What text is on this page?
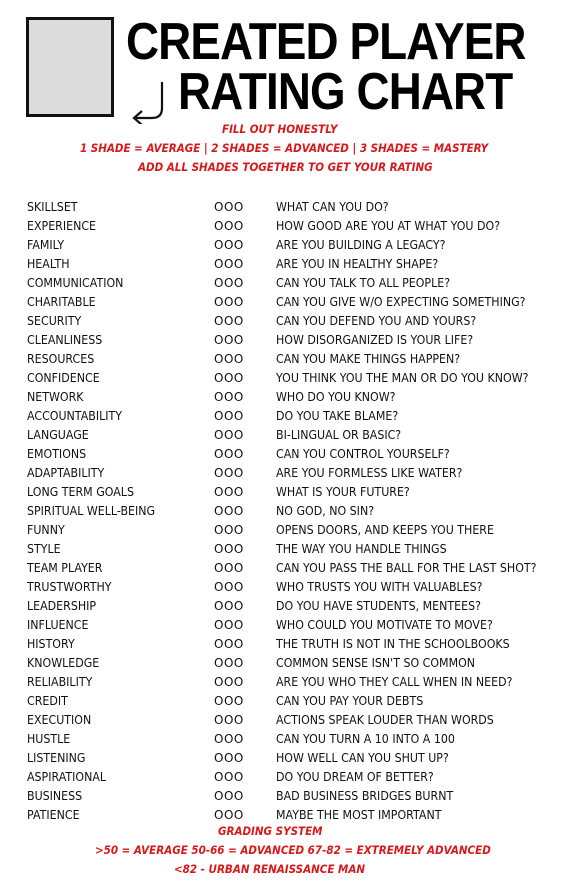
CREATED PLAYER
RATING CHART
FILL OUT HONESTLY
1 SHADE = AVERAGE | 2 SHADES = ADVANCED | 3 SHADES = MASTERY
ADD ALL SHADES TOGETHER TO GET YOUR RATING
SKILLSET	OOO	WHAT CAN YOU DO?
EXPERIENCE	OOO	HOW GOOD ARE YOU AT WHAT YOU DO?
FAMILY	OOO	ARE YOU BUILDING A LEGACY?
HEALTH	OOO	ARE YOU IN HEALTHY SHAPE?
COMMUNICATION	OOO	CAN YOU TALK TO ALL PEOPLE?
CHARITABLE	OOO	CAN YOU GIVE W/O EXPECTING SOMETHING?
SECURITY	OOO	CAN YOU DEFEND YOU AND YOURS?
CLEANLINESS	OOO	HOW DISORGANIZED IS YOUR LIFE?
RESOURCES	OOO	CAN YOU MAKE THINGS HAPPEN?
CONFIDENCE	OOO	YOU THINK YOU THE MAN OR DO YOU KNOW?
NETWORK	OOO	WHO DO YOU KNOW?
ACCOUNTABILITY	OOO	DO YOU TAKE BLAME?
LANGUAGE	OOO	BI-LINGUAL OR BASIC?
EMOTIONS	OOO	CAN YOU CONTROL YOURSELF?
ADAPTABILITY	OOO	ARE YOU FORMLESS LIKE WATER?
LONG TERM GOALS	OOO	WHAT IS YOUR FUTURE?
SPIRITUAL WELL-BEING	OOO	NO GOD, NO SIN?
FUNNY	OOO	OPENS DOORS, AND KEEPS YOU THERE
STYLE	OOO	THE WAY YOU HANDLE THINGS
TEAM PLAYER	OOO	CAN YOU PASS THE BALL FOR THE LAST SHOT?
TRUSTWORTHY	OOO	WHO TRUSTS YOU WITH VALUABLES?
LEADERSHIP	OOO	DO YOU HAVE STUDENTS, MENTEES?
INFLUENCE	OOO	WHO COULD YOU MOTIVATE TO MOVE?
HISTORY	OOO	THE TRUTH IS NOT IN THE SCHOOLBOOKS
KNOWLEDGE	OOO	COMMON SENSE ISN'T SO COMMON
RELIABILITY	OOO	ARE YOU WHO THEY CALL WHEN IN NEED?
CREDIT	OOO	CAN YOU PAY YOUR DEBTS
EXECUTION	OOO	ACTIONS SPEAK LOUDER THAN WORDS
HUSTLE	OOO	CAN YOU TURN A 10 INTO A 100
LISTENING	OOO	HOW WELL CAN YOU SHUT UP?
ASPIRATIONAL	OOO	DO YOU DREAM OF BETTER?
BUSINESS	OOO	BAD BUSINESS BRIDGES BURNT
PATIENCE	OOO	MAYBE THE MOST IMPORTANT
GRADING SYSTEM
>50 = AVERAGE 50-66 = ADVANCED 67-82 = EXTREMELY ADVANCED
<82 - URBAN RENAISSANCE MAN
